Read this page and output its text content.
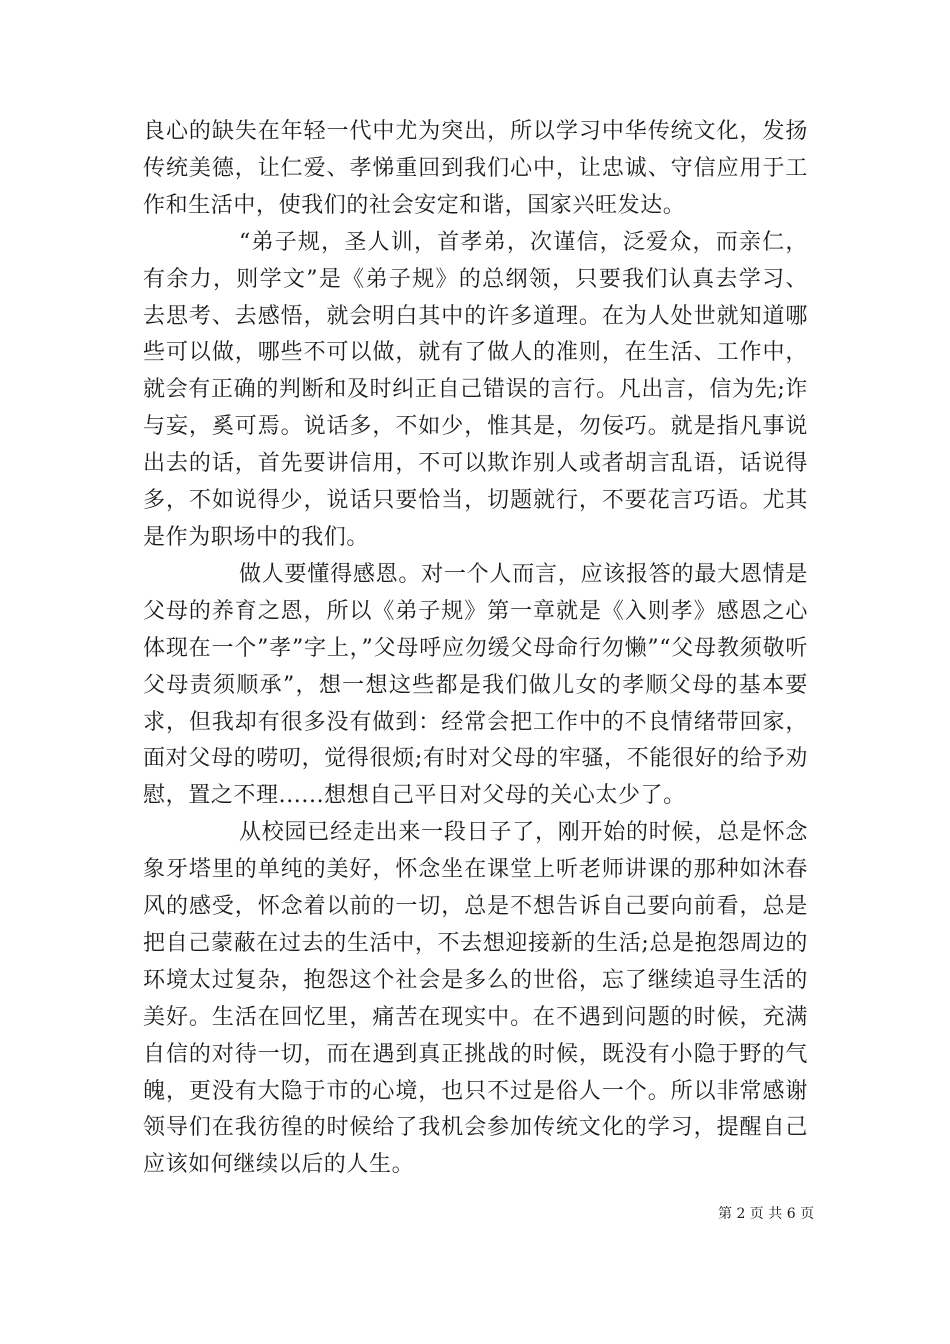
良心的缺失在年轻一代中尤为突出，所以学习中华传统文化，发扬传统美德，让仁爱、孝悌重回到我们心中，让忠诚、守信应用于工作和生活中，使我们的社会安定和谐，国家兴旺发达。

“弟子规，圣人训，首孝弟，次谨信，泛爱众，而亲仁，有余力，则学文”是《弟子规》的总纲领，只要我们认真去学习、去思考、去感悟，就会明白其中的许多道理。在为人处世就知道哪些可以做，哪些不可以做，就有了做人的准则，在生活、工作中，就会有正确的判断和及时纠正自己错误的言行。凡出言，信为先;诈与妄，奚可焉。说话多，不如少，惟其是，勿佞巧。就是指凡事说出去的话，首先要讲信用，不可以欺诈别人或者胡言乱语，话说得多，不如说得少，说话只要恰当，切题就行，不要花言巧语。尤其是作为职场中的我们。

做人要懂得感恩。对一个人而言，应该报答的最大恩情是父母的养育之恩，所以《弟子规》第一章就是《入则孝》感恩之心体现在一个”孝”字上，”父母呼应勿缓父母命行勿懒”“父母教须敬听父母责须顺承”，想一想这些都是我们做儿女的孝顺父母的基本要求，但我却有很多没有做到：经常会把工作中的不良情绪带回家，面对父母的唠叨，觉得很烦;有时对父母的牢骚，不能很好的给予劝慰，置之不理......想想自己平日对父母的关心太少了。

从校园已经走出来一段日子了，刚开始的时候，总是怀念象牙塔里的单纯的美好，怀念坐在课堂上听老师讲课的那种如沐春风的感受，怀念着以前的一切，总是不想告诉自己要向前看，总是把自己蒙蔽在过去的生活中，不去想迎接新的生活;总是抱怨周边的环境太过复杂，抱怨这个社会是多么的世俗，忘了继续追寻生活的美好。生活在回忆里，痛苦在现实中。在不遇到问题的时候，充满自信的对待一切，而在遇到真正挑战的时候，既没有小隐于野的气魄，更没有大隐于市的心境，也只不过是俗人一个。所以非常感谢领导们在我彷徨的时候给了我机会参加传统文化的学习，提醒自己应该如何继续以后的人生。

第 2 页 共 6 页
